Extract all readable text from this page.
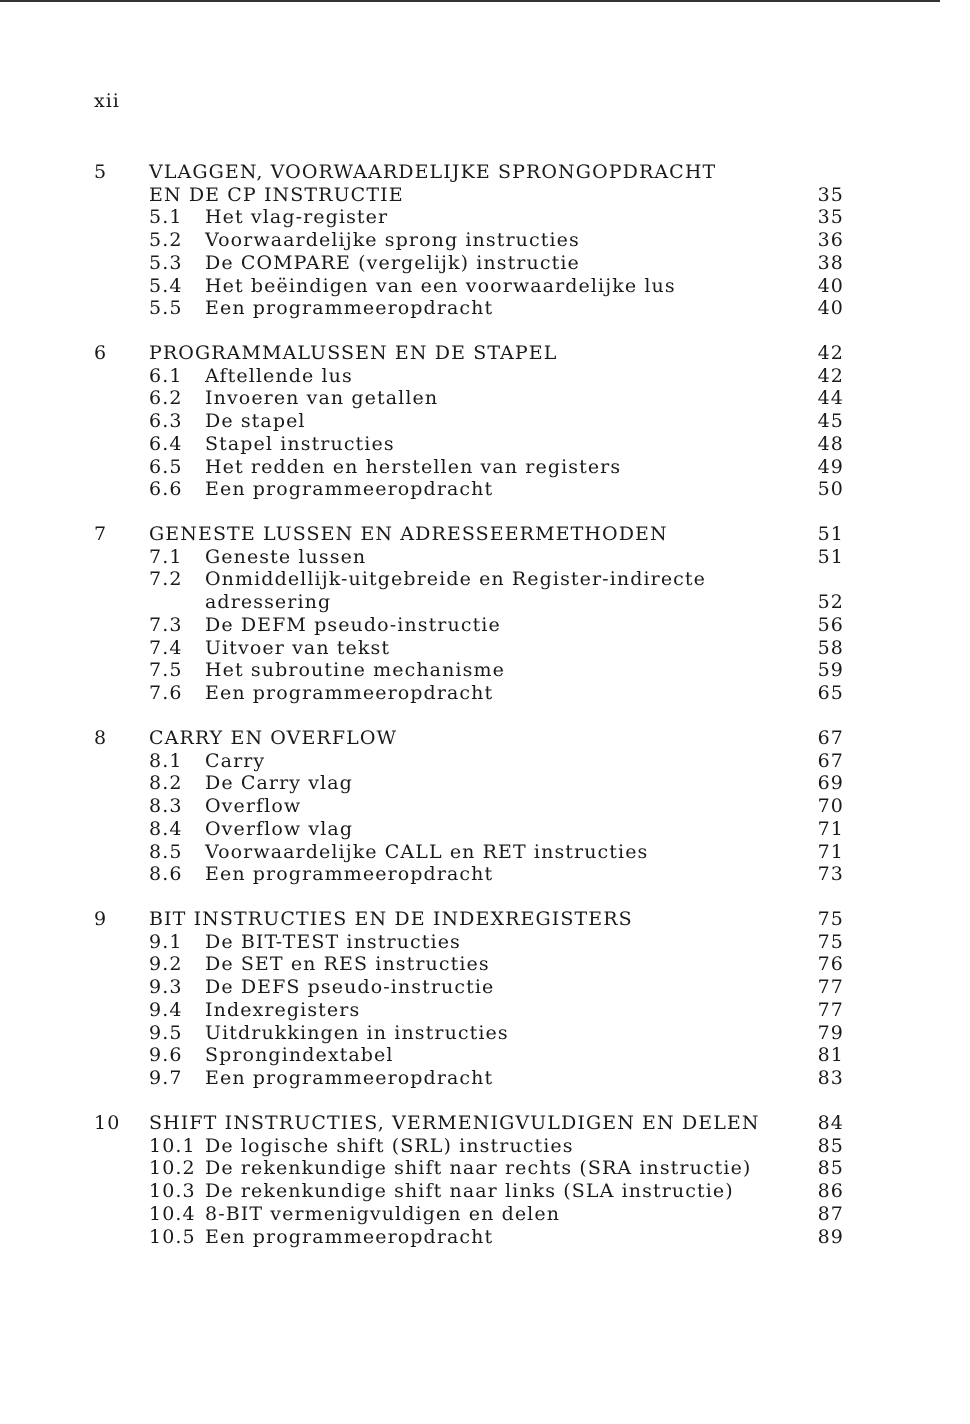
xii
5 VLAGGEN, VOORWAARDELIJKE SPRONGOPDRACHT
EN DE CP INSTRUCTIE	35
5.1 Het vlag-register	35
5.2 Voorwaardelijke sprong instructies	36
5.3 De COMPARE (vergelijk) instructie	38
5.4 Het beëindigen van een voorwaardelijke lus	40
5.5 Een programmeeropdracht	40
6 PROGRAMMALUSSEN EN DE STAPEL	42
6.1 Aftellende lus	42
6.2 Invoeren van getallen	44
6.3 De stapel	45
6.4 Stapel instructies	48
6.5 Het redden en herstellen van registers	49
6.6 Een programmeeropdracht	50
7 GENESTE LUSSEN EN ADRESSEERMETHODEN	51
7.1 Geneste lussen	51
7.2 Onmiddellijk-uitgebreide en Register-indirecte
adressering	52
7.3 De DEFM pseudo-instructie	56
7.4 Uitvoer van tekst	58
7.5 Het subroutine mechanisme	59
7.6 Een programmeeropdracht	65
8 CARRY EN OVERFLOW	67
8.1 Carry	67
8.2 De Carry vlag	69
8.3 Overflow	70
8.4 Overflow vlag	71
8.5 Voorwaardelijke CALL en RET instructies	71
8.6 Een programmeeropdracht	73
9 BIT INSTRUCTIES EN DE INDEXREGISTERS	75
9.1 De BIT-TEST instructies	75
9.2 De SET en RES instructies	76
9.3 De DEFS pseudo-instructie	77
9.4 Indexregisters	77
9.5 Uitdrukkingen in instructies	79
9.6 Sprongindextabel	81
9.7 Een programmeeropdracht	83
10 SHIFT INSTRUCTIES, VERMENIGVULDIGEN EN DELEN	84
10.1 De logische shift (SRL) instructies	85
10.2 De rekenkundige shift naar rechts (SRA instructie)	85
10.3 De rekenkundige shift naar links (SLA instructie)	86
10.4 8-BIT vermenigvuldigen en delen	87
10.5 Een programmeeropdracht	89
